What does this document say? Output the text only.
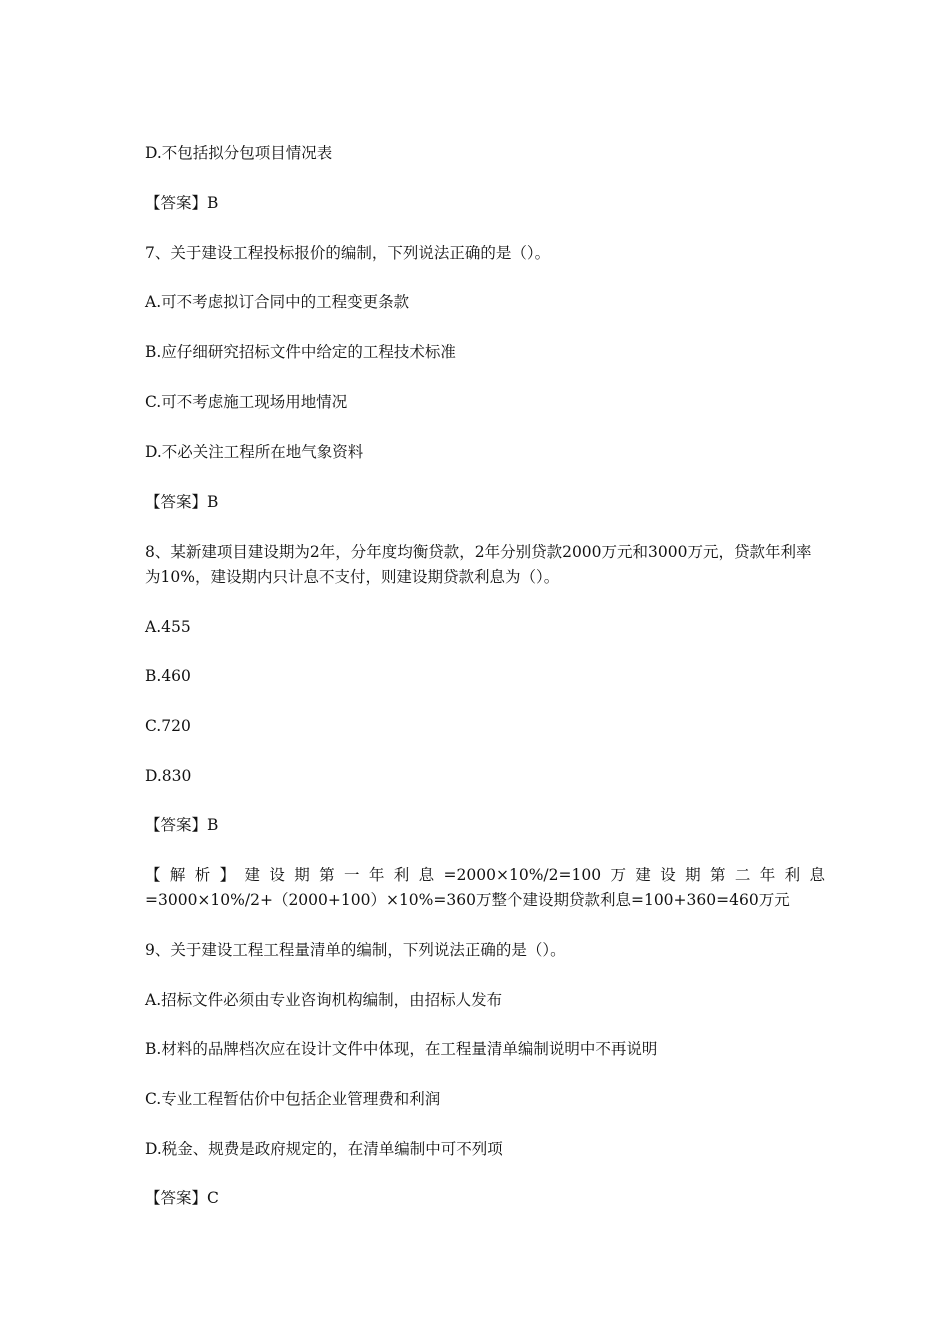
D.不包括拟分包项目情况表
【答案】B
7、关于建设工程投标报价的编制，下列说法正确的是（）。
A.可不考虑拟订合同中的工程变更条款
B.应仔细研究招标文件中给定的工程技术标准
C.可不考虑施工现场用地情况
D.不必关注工程所在地气象资料
【答案】B
8、某新建项目建设期为2年，分年度均衡贷款，2年分别贷款2000万元和3000万元，贷款年利率为10%，建设期内只计息不支付，则建设期贷款利息为（）。
A.455
B.460
C.720
D.830
【答案】B
【解析】建设期第一年利息=2000×10%/2=100万建设期第二年利息=3000×10%/2+（2000+100）×10%=360万整个建设期贷款利息=100+360=460万元
9、关于建设工程工程量清单的编制，下列说法正确的是（）。
A.招标文件必须由专业咨询机构编制，由招标人发布
B.材料的品牌档次应在设计文件中体现，在工程量清单编制说明中不再说明
C.专业工程暂估价中包括企业管理费和利润
D.税金、规费是政府规定的，在清单编制中可不列项
【答案】C
